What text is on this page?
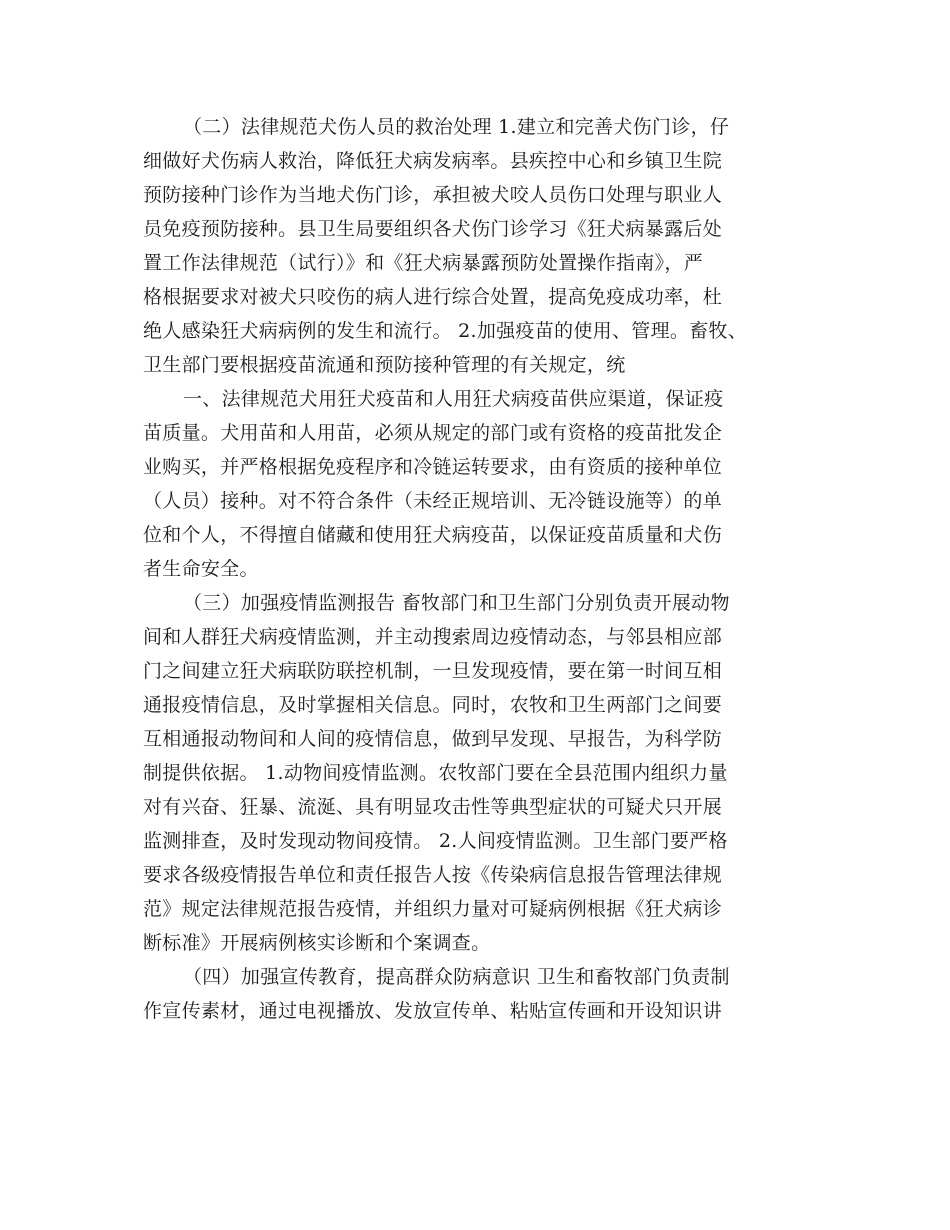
（二）法律规范犬伤人员的救治处理 1.建立和完善犬伤门诊，仔
细做好犬伤病人救治，降低狂犬病发病率。县疾控中心和乡镇卫生院
预防接种门诊作为当地犬伤门诊，承担被犬咬人员伤口处理与职业人
员免疫预防接种。县卫生局要组织各犬伤门诊学习《狂犬病暴露后处
置工作法律规范（试行）》和《狂犬病暴露预防处置操作指南》，严
格根据要求对被犬只咬伤的病人进行综合处置，提高免疫成功率，杜
绝人感染狂犬病病例的发生和流行。 2.加强疫苗的使用、管理。畜牧、
卫生部门要根据疫苗流通和预防接种管理的有关规定，统
一、法律规范犬用狂犬疫苗和人用狂犬病疫苗供应渠道，保证疫
苗质量。犬用苗和人用苗，必须从规定的部门或有资格的疫苗批发企
业购买，并严格根据免疫程序和冷链运转要求，由有资质的接种单位
（人员）接种。对不符合条件（未经正规培训、无冷链设施等）的单
位和个人，不得擅自储藏和使用狂犬病疫苗，以保证疫苗质量和犬伤
者生命安全。
（三）加强疫情监测报告 畜牧部门和卫生部门分别负责开展动物
间和人群狂犬病疫情监测，并主动搜索周边疫情动态，与邻县相应部
门之间建立狂犬病联防联控机制，一旦发现疫情，要在第一时间互相
通报疫情信息，及时掌握相关信息。同时，农牧和卫生两部门之间要
互相通报动物间和人间的疫情信息，做到早发现、早报告，为科学防
制提供依据。 1.动物间疫情监测。农牧部门要在全县范围内组织力量
对有兴奋、狂暴、流涎、具有明显攻击性等典型症状的可疑犬只开展
监测排查，及时发现动物间疫情。 2.人间疫情监测。卫生部门要严格
要求各级疫情报告单位和责任报告人按《传染病信息报告管理法律规
范》规定法律规范报告疫情，并组织力量对可疑病例根据《狂犬病诊
断标准》开展病例核实诊断和个案调查。
（四）加强宣传教育，提高群众防病意识 卫生和畜牧部门负责制
作宣传素材，通过电视播放、发放宣传单、粘贴宣传画和开设知识讲
